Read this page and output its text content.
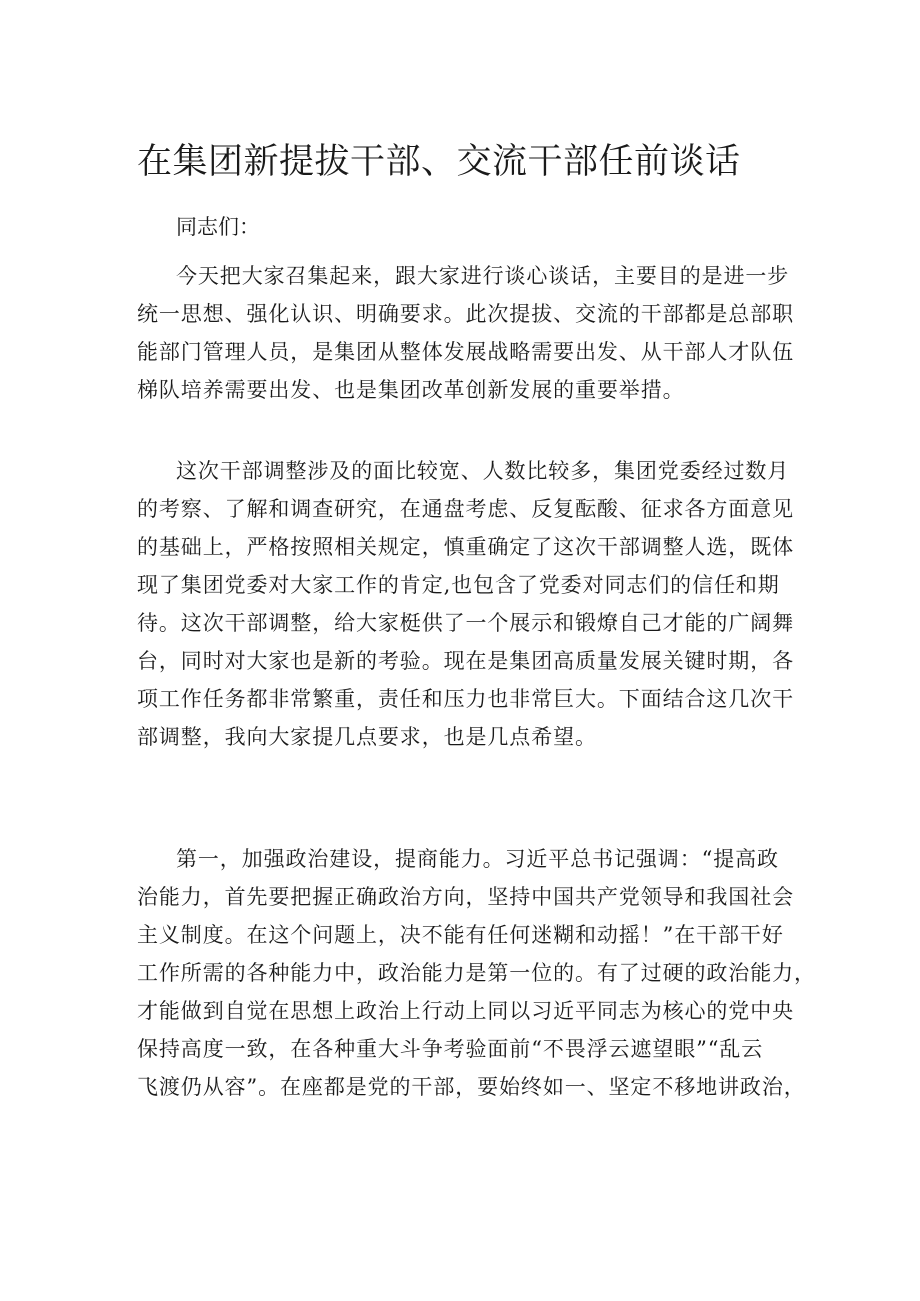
在集团新提拔干部、交流干部任前谈话

同志们：

今天把大家召集起来，跟大家进行谈心谈话，主要目的是进一步
统一思想、强化认识、明确要求。此次提拔、交流的干部都是总部职
能部门管理人员，是集团从整体发展战略需要出发、从干部人才队伍
梯队培养需要出发、也是集团改革创新发展的重要举措。
这次干部调整涉及的面比较宽、人数比较多，集团党委经过数月
的考察、了解和调查研究，在通盘考虑、反复酝酸、征求各方面意见
的基础上，严格按照相关规定，慎重确定了这次干部调整人选，既体
现了集团党委对大家工作的肯定,也包含了党委对同志们的信任和期
待。这次干部调整，给大家梃供了一个展示和锻燎自己才能的广阔舞
台，同时对大家也是新的考验。现在是集团高质量发展关键时期，各
项工作任务都非常繁重，责任和压力也非常巨大。下面结合这几次干
部调整，我向大家提几点要求，也是几点希望。
第一，加强政治建设，提商能力。习近平总书记强调：“提高政
治能力，首先要把握正确政治方向，坚持中国共产党领导和我国社会
主义制度。在这个问题上，决不能有任何迷糊和动摇！”在干部干好
工作所需的各种能力中，政治能力是第一位的。有了过硬的政治能力，
才能做到自觉在思想上政治上行动上同以习近平同志为核心的党中央
保持高度一致，在各种重大斗争考验面前“不畏浮云遮望眼”“乱云
飞渡仍从容”。在座都是党的干部，要始终如一、坚定不移地讲政治，
